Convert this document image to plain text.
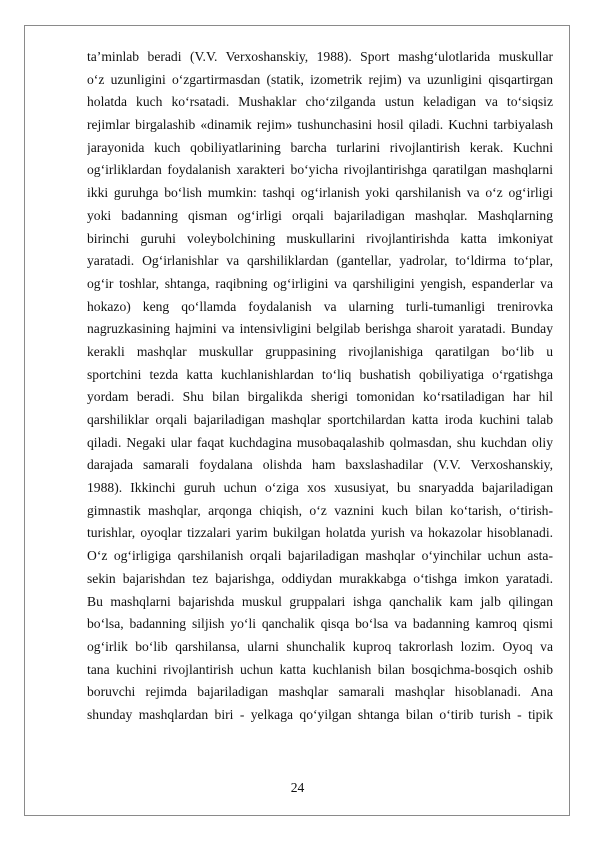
ta’minlab beradi (V.V. Verxoshanskiy, 1988). Sport mashg‘ulotlarida muskullar
o‘z uzunligini o‘zgartirmasdan (statik, izometrik rejim) va uzunligini qisqartirgan
holatda kuch ko‘rsatadi. Mushaklar cho‘zilganda ustun keladigan va to‘siqsiz
rejimlar birgalashib «dinamik rejim» tushunchasini hosil qiladi. Kuchni tarbiyalash
jarayonida kuch qobiliyatlarining barcha turlarini rivojlantirish kerak. Kuchni
og‘irliklardan foydalanish xarakteri bo‘yicha rivojlantirishga qaratilgan mashqlarni
ikki guruhga bo‘lish mumkin: tashqi og‘irlanish yoki qarshilanish va o‘z og‘irligi
yoki badanning qisman og‘irligi orqali bajariladigan mashqlar. Mashqlarning
birinchi guruhi voleybolchining muskullarini rivojlantirishda katta imkoniyat
yaratadi. Og‘irlanishlar va qarshiliklardan (gantellar, yadrolar, to‘ldirma to‘plar,
og‘ir toshlar, shtanga, raqibning og‘irligini va qarshiligini yengish, espanderlar va
hokazo) keng qo‘llamda foydalanish va ularning turli-tumanligi trenirovka
nagruzkasining hajmini va intensivligini belgilab berishga sharoit yaratadi. Bunday
kerakli mashqlar muskullar gruppasining rivojlanishiga qaratilgan bo‘lib u
sportchini tezda katta kuchlanishlardan to‘liq bushatish qobiliyatiga o‘rgatishga
yordam beradi. Shu bilan birgalikda sherigi tomonidan ko‘rsatiladigan har hil
qarshiliklar orqali bajariladigan mashqlar sportchilardan katta iroda kuchini talab
qiladi. Negaki ular faqat kuchdagina musobaqalashib qolmasdan, shu kuchdan oliy
darajada samarali foydalana olishda ham baxslashadilar (V.V. Verxoshanskiy,
1988). Ikkinchi guruh uchun o‘ziga xos xususiyat, bu snaryadda bajariladigan
gimnastik mashqlar, arqonga chiqish, o‘z vaznini kuch bilan ko‘tarish, o‘tirish-
turishlar, oyoqlar tizzalari yarim bukilgan holatda yurish va hokazolar hisoblanadi.
O‘z og‘irligiga qarshilanish orqali bajariladigan mashqlar o‘yinchilar uchun asta-
sekin bajarishdan tez bajarishga, oddiydan murakkabga o‘tishga imkon yaratadi.
Bu mashqlarni bajarishda muskul gruppalari ishga qanchalik kam jalb qilingan
bo‘lsa, badanning siljish yo‘li qanchalik qisqa bo‘lsa va badanning kamroq qismi
og‘irlik bo‘lib qarshilansa, ularni shunchalik kuproq takrorlash lozim. Oyoq va
tana kuchini rivojlantirish uchun katta kuchlanish bilan bosqichma-bosqich oshib
boruvchi rejimda bajariladigan mashqlar samarali mashqlar hisoblanadi. Ana
shunday mashqlardan biri - yelkaga qo‘yilgan shtanga bilan o‘tirib turish - tipik
24
